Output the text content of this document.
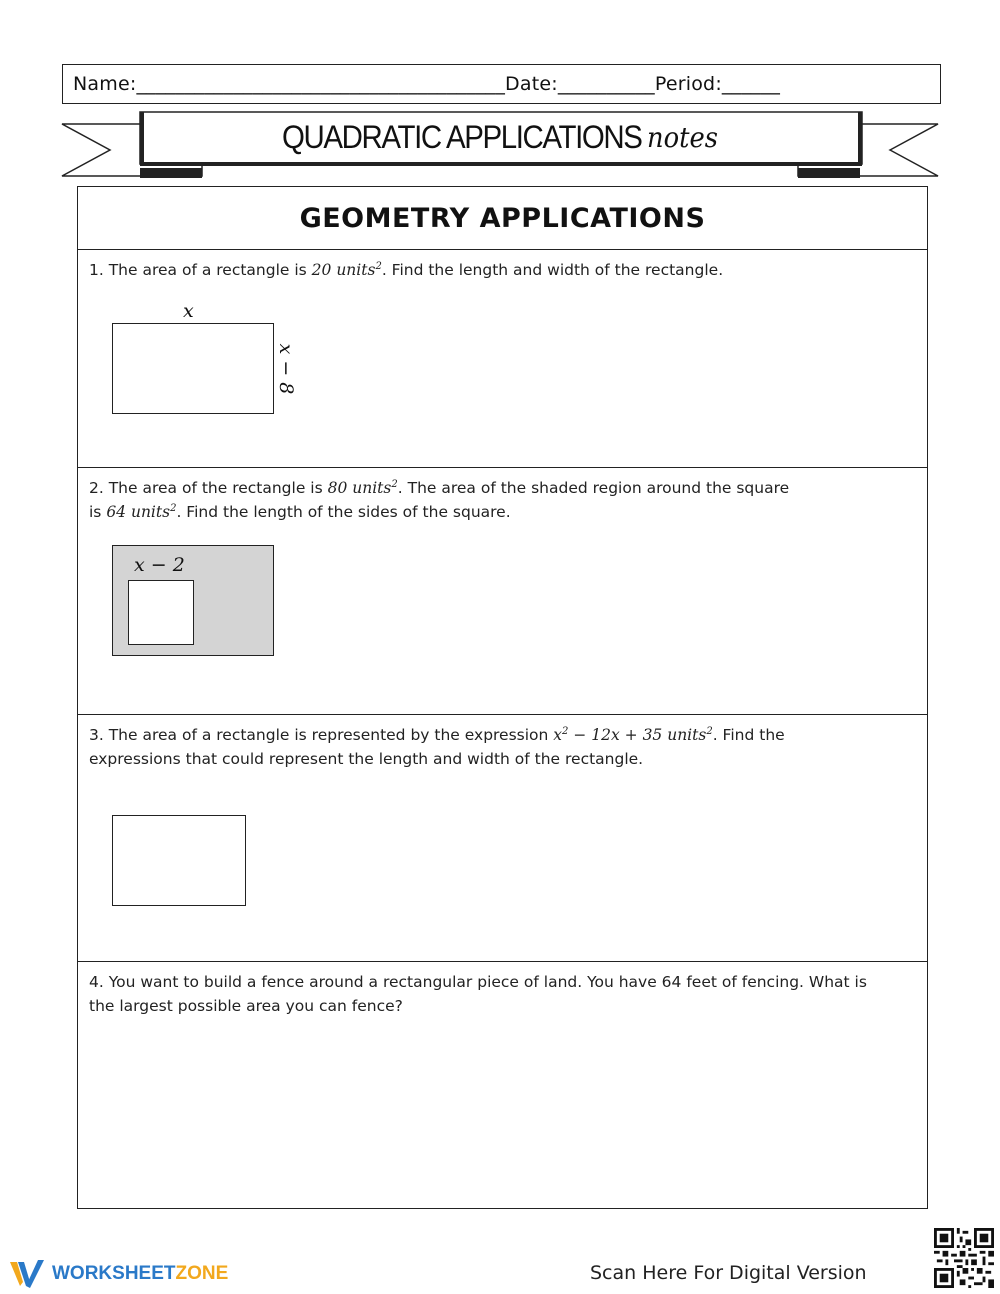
Name:______________________________________Date:__________Period:______
QUADRATIC APPLICATIONS notes
GEOMETRY APPLICATIONS
1. The area of a rectangle is 20 units$^2$. Find the length and width of the rectangle.
x
x − 8
2. The area of the rectangle is 80 units$^2$. The area of the shaded region around the square
is 64 units$^2$. Find the length of the sides of the square.
x − 2
3. The area of a rectangle is represented by the expression $x^2 - 12x + 35$ units$^2$. Find the
expressions that could represent the length and width of the rectangle.
4. You want to build a fence around a rectangular piece of land. You have 64 feet of fencing. What is
the largest possible area you can fence?
WORKSHEETZONE	Scan Here For Digital Version
